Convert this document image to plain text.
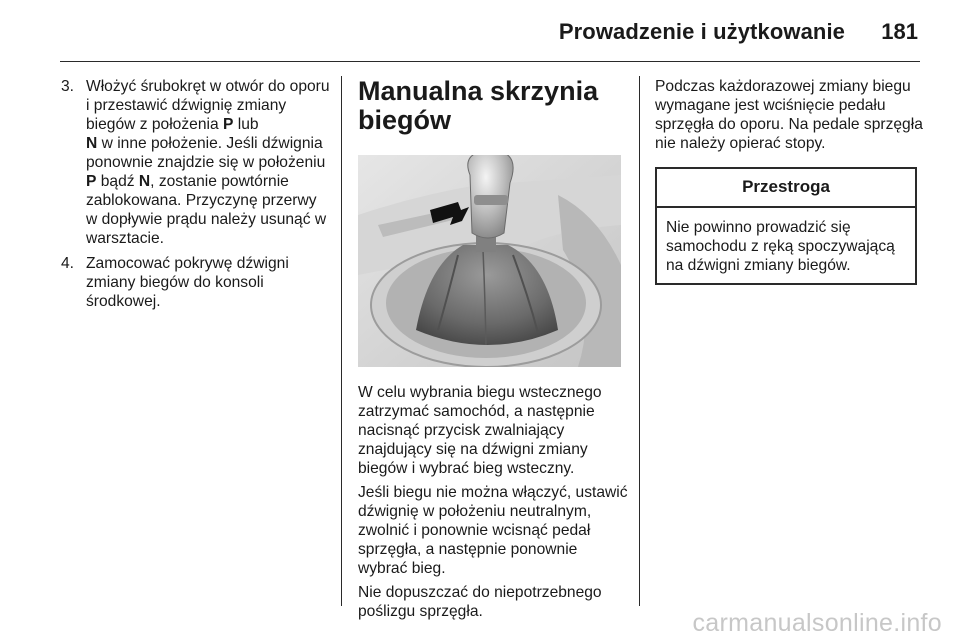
Prowadzenie i użytkowanie 181
3. Włożyć śrubokręt w otwór do oporu i przestawić dźwignię zmiany biegów z położenia P lub
N w inne położenie. Jeśli dźwignia ponownie znajdzie się w położeniu P bądź N, zostanie powtórnie zablokowana. Przyczynę przerwy w dopływie prądu należy usunąć w warsztacie.
4. Zamocować pokrywę dźwigni zmiany biegów do konsoli środkowej.
Manualna skrzynia biegów

W celu wybrania biegu wstecznego zatrzymać samochód, a następnie nacisnąć przycisk zwalniający znajdujący się na dźwigni zmiany biegów i wybrać bieg wsteczny.

Jeśli biegu nie można włączyć, ustawić dźwignię w położeniu neutralnym, zwolnić i ponownie wcisnąć pedał sprzęgła, a następnie ponownie wybrać bieg.

Nie dopuszczać do niepotrzebnego poślizgu sprzęgła.

Podczas każdorazowej zmiany biegu wymagane jest wciśnięcie pedału sprzęgła do oporu. Na pedale sprzęgła nie należy opierać stopy.

Przestroga
Nie powinno prowadzić się samochodu z ręką spoczywającą na dźwigni zmiany biegów.
carmanualsonline.info
